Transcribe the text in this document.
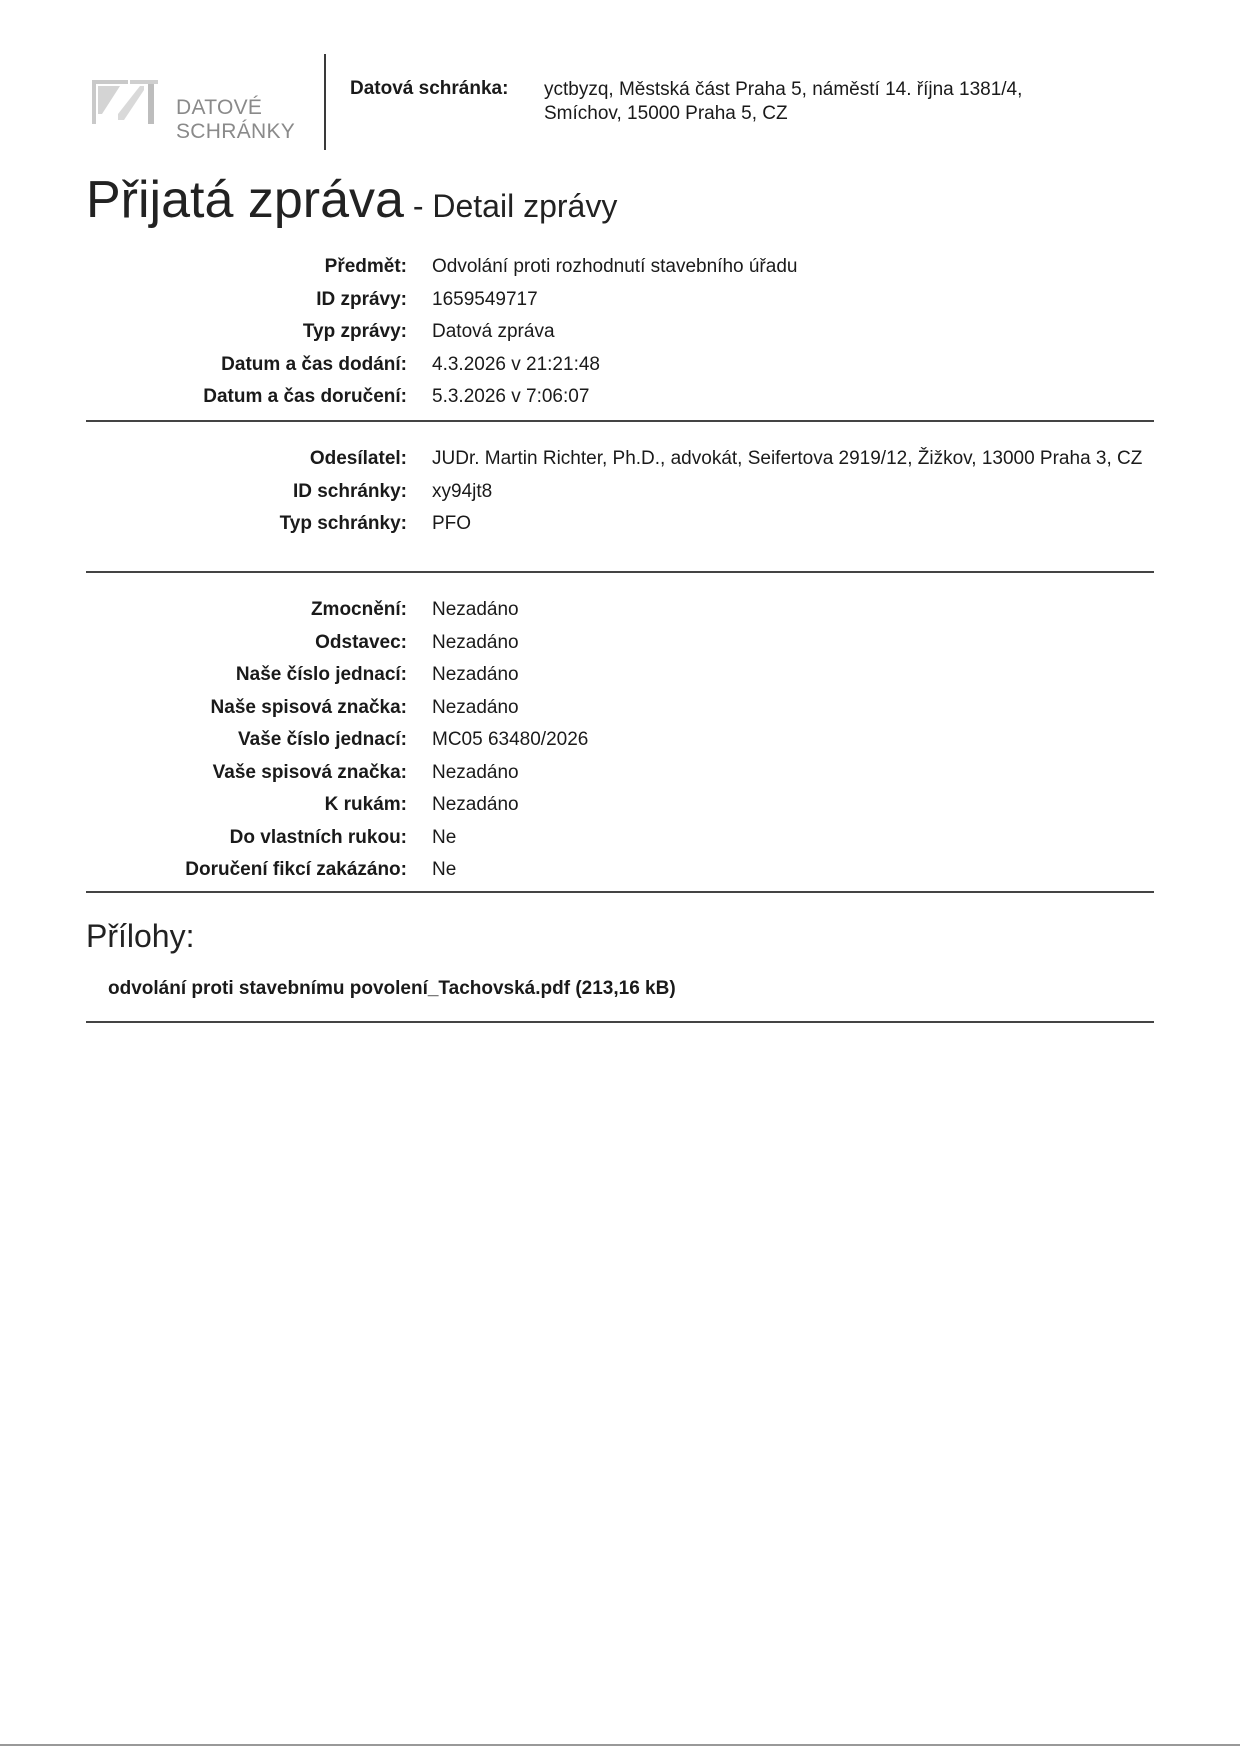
DATOVÉ
SCHRÁNKY
Datová schránka: yctbyzq, Městská část Praha 5, náměstí 14. října 1381/4, Smíchov, 15000 Praha 5, CZ
Přijatá zpráva - Detail zprávy
Předmět: Odvolání proti rozhodnutí stavebního úřadu
ID zprávy: 1659549717
Typ zprávy: Datová zpráva
Datum a čas dodání: 4.3.2026 v 21:21:48
Datum a čas doručení: 5.3.2026 v 7:06:07
Odesílatel: JUDr. Martin Richter, Ph.D., advokát, Seifertova 2919/12, Žižkov, 13000 Praha 3, CZ
ID schránky: xy94jt8
Typ schránky: PFO
Zmocnění: Nezadáno
Odstavec: Nezadáno
Naše číslo jednací: Nezadáno
Naše spisová značka: Nezadáno
Vaše číslo jednací: MC05 63480/2026
Vaše spisová značka: Nezadáno
K rukám: Nezadáno
Do vlastních rukou: Ne
Doručení fikcí zakázáno: Ne
Přílohy:
odvolání proti stavebnímu povolení_Tachovská.pdf (213,16 kB)
